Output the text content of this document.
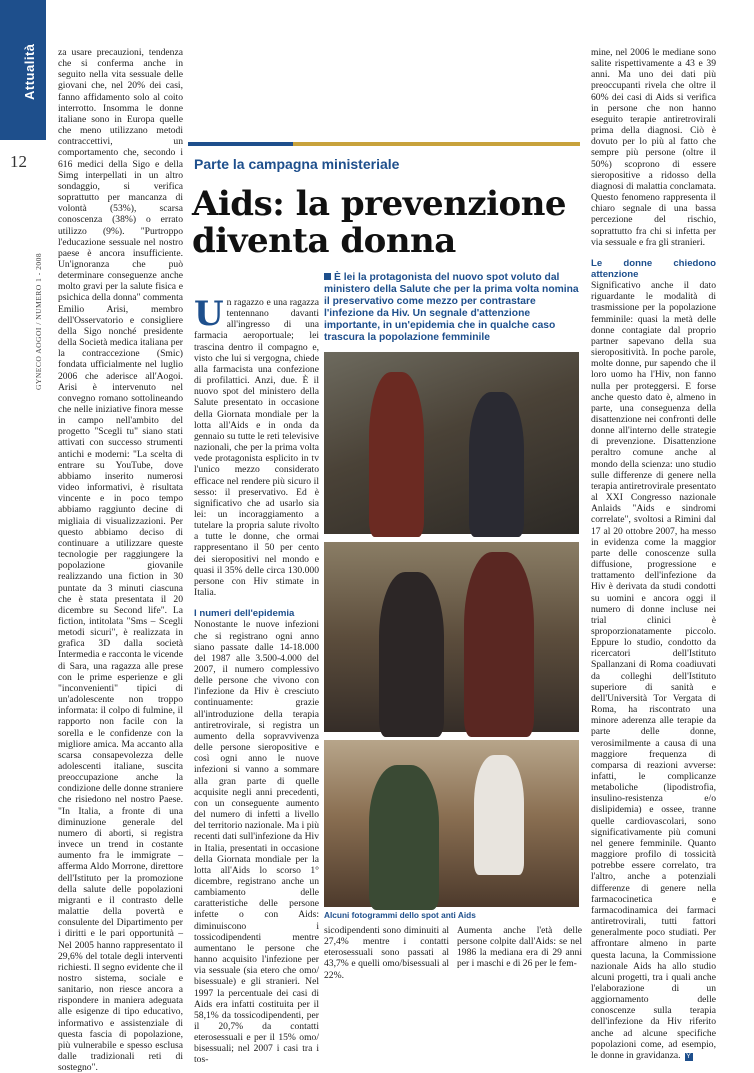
Attualità
12
GYNECO AOGOI / NUMERO 1 - 2008

za usare precauzioni, tendenza che si conferma anche in seguito nella vita sessuale delle giovani che, nel 20% dei casi, fanno affidamento solo al coito interrotto. Insomma le donne italiane sono in Europa quelle che meno utilizzano metodi contraccettivi, un comportamento che, secondo i 616 medici della Sigo e della Simg interpellati in un altro sondaggio, si verifica soprattutto per mancanza di volontà (53%), scarsa conoscenza (38%) o errato utilizzo (9%). "Purtroppo l'educazione sessuale nel nostro paese è ancora insufficiente. Un'ignoranza che può determinare conseguenze anche molto gravi per la salute fisica e psichica della donna" commenta Emilio Arisi, membro dell'Osservatorio e consigliere della Sigo nonché presidente della Società medica italiana per la contraccezione (Smic) fondata ufficialmente nel luglio 2006 che aderisce all'Aogoi. Arisi è intervenuto nel convegno romano sottolineando che nelle iniziative finora messe in campo nell'ambito del progetto "Scegli tu" siano stati attivati con successo strumenti antichi e moderni: "La scelta di entrare su YouTube, dove abbiamo inserito numerosi video informativi, è risultata vincente e in poco tempo abbiamo raggiunto decine di migliaia di visualizzazioni. Per questo abbiamo deciso di continuare a utilizzare queste tecnologie per raggiungere la popolazione giovanile realizzando una fiction in 30 puntate da 3 minuti ciascuna che è stata presentata il 20 dicembre su Second life". La fiction, intitolata "Sms – Scegli metodi sicuri", è realizzata in grafica 3D dalla società Intermedia e racconta le vicende di Sara, una ragazza alle prese con le prime esperienze e gli "inconvenienti" tipici di un'adolescente non troppo informata: il colpo di fulmine, il rapporto non facile con la sorella e le confidenze con la migliore amica. Ma accanto alla scarsa consapevolezza delle adolescenti italiane, suscita preoccupazione anche la condizione delle donne straniere che risiedono nel nostro Paese. "In Italia, a fronte di una diminuzione generale del numero di aborti, si registra invece un trend in costante aumento fra le immigrate – afferma Aldo Morrone, direttore dell'Istituto per la promozione della salute delle popolazioni migranti e il contrasto delle malattie della povertà e consulente del Dipartimento per i diritti e le pari opportunità – Nel 2005 hanno rappresentato il 29,6% del totale degli interventi richiesti. Il segno evidente che il nostro sistema, sociale e sanitario, non riesce ancora a rispondere in maniera adeguata alle esigenze di tipo educativo, informativo e assistenziale di questa fascia di popolazione, più vulnerabile e spesso esclusa dalle tradizionali reti di sostegno".

Parte la campagna ministeriale
Aids: la prevenzione diventa donna
È lei la protagonista del nuovo spot voluto dal ministero della Salute che per la prima volta nomina il preservativo come mezzo per contrastare l'infezione da Hiv. Un segnale d'attenzione importante, in un'epidemia che in qualche caso trascura la popolazione femminile

Un ragazzo e una ragazza tentennano davanti all'ingresso di una farmacia aeroportuale; lei trascina dentro il compagno e, visto che lui si vergogna, chiede alla farmacista una confezione di profilattici. Anzi, due. È il nuovo spot del ministero della Salute presentato in occasione della Giornata mondiale per la lotta all'Aids e in onda da gennaio su tutte le reti televisive nazionali, che per la prima volta vede protagonista esplicito in tv l'unico mezzo considerato efficace nel rendere più sicuro il sesso: il preservativo. Ed è significativo che ad usarlo sia lei: un incoraggiamento a tutelare la propria salute rivolto a tutte le donne, che ormai rappresentano il 50 per cento dei sieropositivi nel mondo e quasi il 35% delle circa 130.000 persone con Hiv stimate in Italia.

I numeri dell'epidemia

Nonostante le nuove infezioni che si registrano ogni anno siano passate dalle 14-18.000 del 1987 alle 3.500-4.000 del 2007, il numero complessivo delle persone che vivono con l'infezione da Hiv è cresciuto continuamente: grazie all'introduzione della terapia antiretrovirale, si registra un aumento della sopravvivenza delle persone sieropositive e così ogni anno le nuove infezioni si vanno a sommare alla gran parte di quelle acquisite negli anni precedenti, con un conseguente aumento del numero di infetti a livello del territorio nazionale. Ma i più recenti dati sull'infezione da Hiv in Italia, presentati in occasione della Giornata mondiale per la lotta all'Aids lo scorso 1° dicembre, registrano anche un cambiamento delle caratteristiche delle persone infette o con Aids: diminuiscono i tossicodipendenti mentre aumentano le persone che hanno acquisito l'infezione per via sessuale (sia etero che omo/ bisessuale) e gli stranieri. Nel 1997 la percentuale dei casi di Aids era infatti costituita per il 58,1% da tossicodipendenti, per il 20,7% da contatti eterosessuali e per il 15% omo/ bisessuali; nel 2007 i casi tra i tos-

Alcuni fotogrammi dello spot anti Aids
sicodipendenti sono diminuiti al 27,4% mentre i contatti eterosessuali sono passati al 43,7% e quelli omo/bisessuali al 22%.
Aumenta anche l'età delle persone colpite dall'Aids: se nel 1986 la mediana era di 29 anni per i maschi e di 26 per le fem-

mine, nel 2006 le mediane sono salite rispettivamente a 43 e 39 anni. Ma uno dei dati più preoccupanti rivela che oltre il 60% dei casi di Aids si verifica in persone che non hanno eseguito terapie antiretrovirali prima della diagnosi. Ciò è dovuto per lo più al fatto che sempre più persone (oltre il 50%) scoprono di essere sieropositive a ridosso della diagnosi di malattia conclamata. Questo fenomeno rappresenta il chiaro segnale di una bassa percezione del rischio, soprattutto fra chi si infetta per via sessuale e fra gli stranieri.

Le donne chiedono attenzione

Significativo anche il dato riguardante le modalità di trasmissione per la popolazione femminile: quasi la metà delle donne contagiate dal proprio partner sapevano della sua sieropositività. In poche parole, molte donne, pur sapendo che il loro uomo ha l'Hiv, non fanno nulla per proteggersi. E forse anche questo dato è, almeno in parte, una conseguenza della disattenzione nei confronti delle donne all'interno delle strategie di prevenzione. Disattenzione peraltro comune anche al mondo della scienza: uno studio sulle differenze di genere nella terapia antiretrovirale presentato al XXI Congresso nazionale Anlaids "Aids e sindromi correlate", svoltosi a Rimini dal 17 al 20 ottobre 2007, ha messo in evidenza come la maggior parte delle conoscenze sulla diffusione, progressione e trattamento dell'infezione da Hiv è derivata da studi condotti su uomini e ancora oggi il numero di donne incluse nei trial clinici è sproporzionatamente piccolo. Eppure lo studio, condotto da ricercatori dell'Istituto Spallanzani di Roma coadiuvati da colleghi dell'Istituto superiore di sanità e dell'Università Tor Vergata di Roma, ha riscontrato una minore aderenza alle terapie da parte delle donne, verosimilmente a causa di una maggiore frequenza di comparsa di reazioni avverse: infatti, le complicanze metaboliche (lipodistrofia, insulino-resistenza e/o dislipidemia) e ossee, tranne quelle cardiovascolari, sono significativamente più comuni nel genere femminile. Quanto maggiore profilo di tossicità potrebbe essere correlato, tra l'altro, anche a potenziali differenze di genere nella farmacocinetica e farmacodinamica dei farmaci antiretrovirali, tutti fattori generalmente poco studiati. Per affrontare almeno in parte questa lacuna, la Commissione nazionale Aids ha allo studio alcuni progetti, tra i quali anche l'elaborazione di un aggiornamento delle conoscenze sulla terapia dell'infezione da Hiv riferito anche ad alcune specifiche popolazioni come, ad esempio, le donne in gravidanza. Y
